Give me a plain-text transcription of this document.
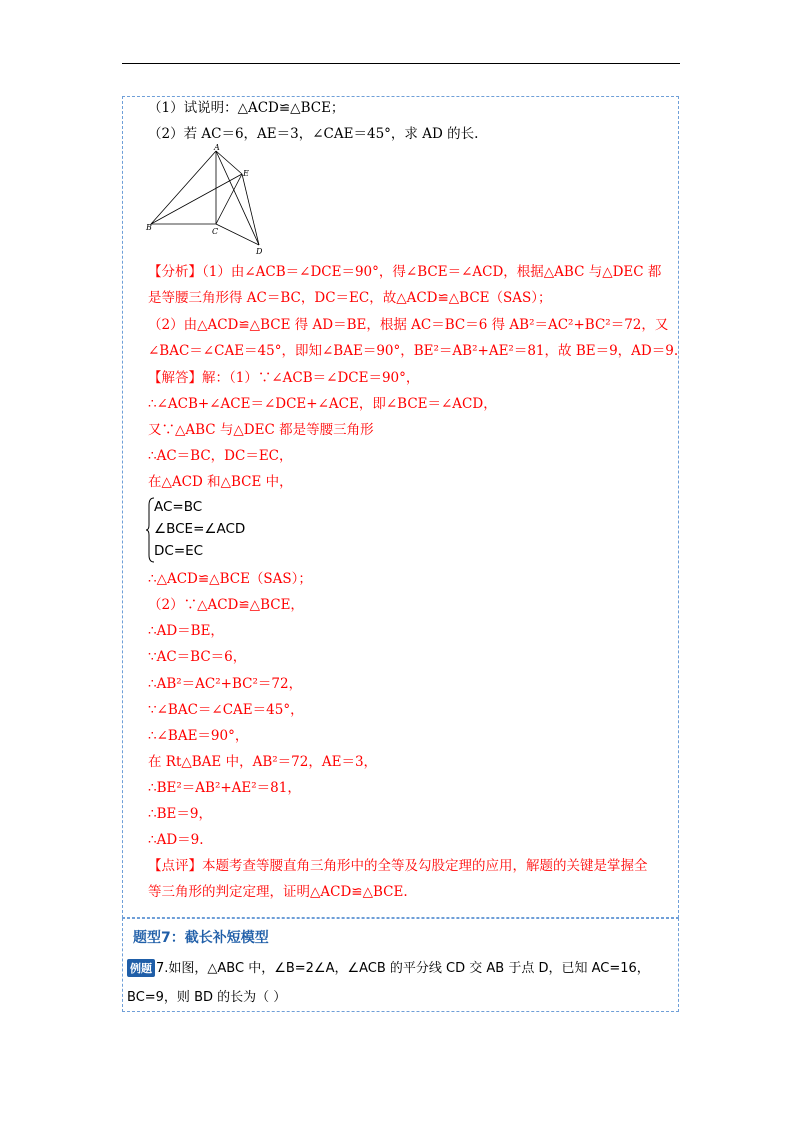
（1）试说明：△ACD≌△BCE；
（2）若 AC＝6，AE＝3，∠CAE＝45°，求 AD 的长.
A
E
B	C
D
【分析】（1）由∠ACB＝∠DCE＝90°，得∠BCE＝∠ACD，根据△ABC 与△DEC 都
是等腰三角形得 AC＝BC，DC＝EC，故△ACD≌△BCE（SAS）；
（2）由△ACD≌△BCE 得 AD＝BE，根据 AC＝BC＝6 得 AB²＝AC²+BC²＝72，又
∠BAC＝∠CAE＝45°，即知∠BAE＝90°，BE²＝AB²+AE²＝81，故 BE＝9，AD＝9.
【解答】解：（1）∵∠ACB＝∠DCE＝90°，
∴∠ACB+∠ACE＝∠DCE+∠ACE，即∠BCE＝∠ACD，
又∵△ABC 与△DEC 都是等腰三角形
∴AC＝BC，DC＝EC，
在△ACD 和△BCE 中，
AC=BC
∠BCE=∠ACD
DC=EC
∴△ACD≌△BCE（SAS）；
（2）∵△ACD≌△BCE，
∴AD＝BE，
∵AC＝BC＝6，
∴AB²＝AC²+BC²＝72，
∵∠BAC＝∠CAE＝45°，
∴∠BAE＝90°，
在 Rt△BAE 中，AB²＝72，AE＝3，
∴BE²＝AB²+AE²＝81，
∴BE＝9，
∴AD＝9.
【点评】本题考查等腰直角三角形中的全等及勾股定理的应用，解题的关键是掌握全
等三角形的判定定理，证明△ACD≌△BCE.
题型7：截长补短模型
例题 7.如图，△ABC 中，∠B=2∠A，∠ACB 的平分线 CD 交 AB 于点 D，已知 AC=16，
BC=9，则 BD 的长为（ ）
